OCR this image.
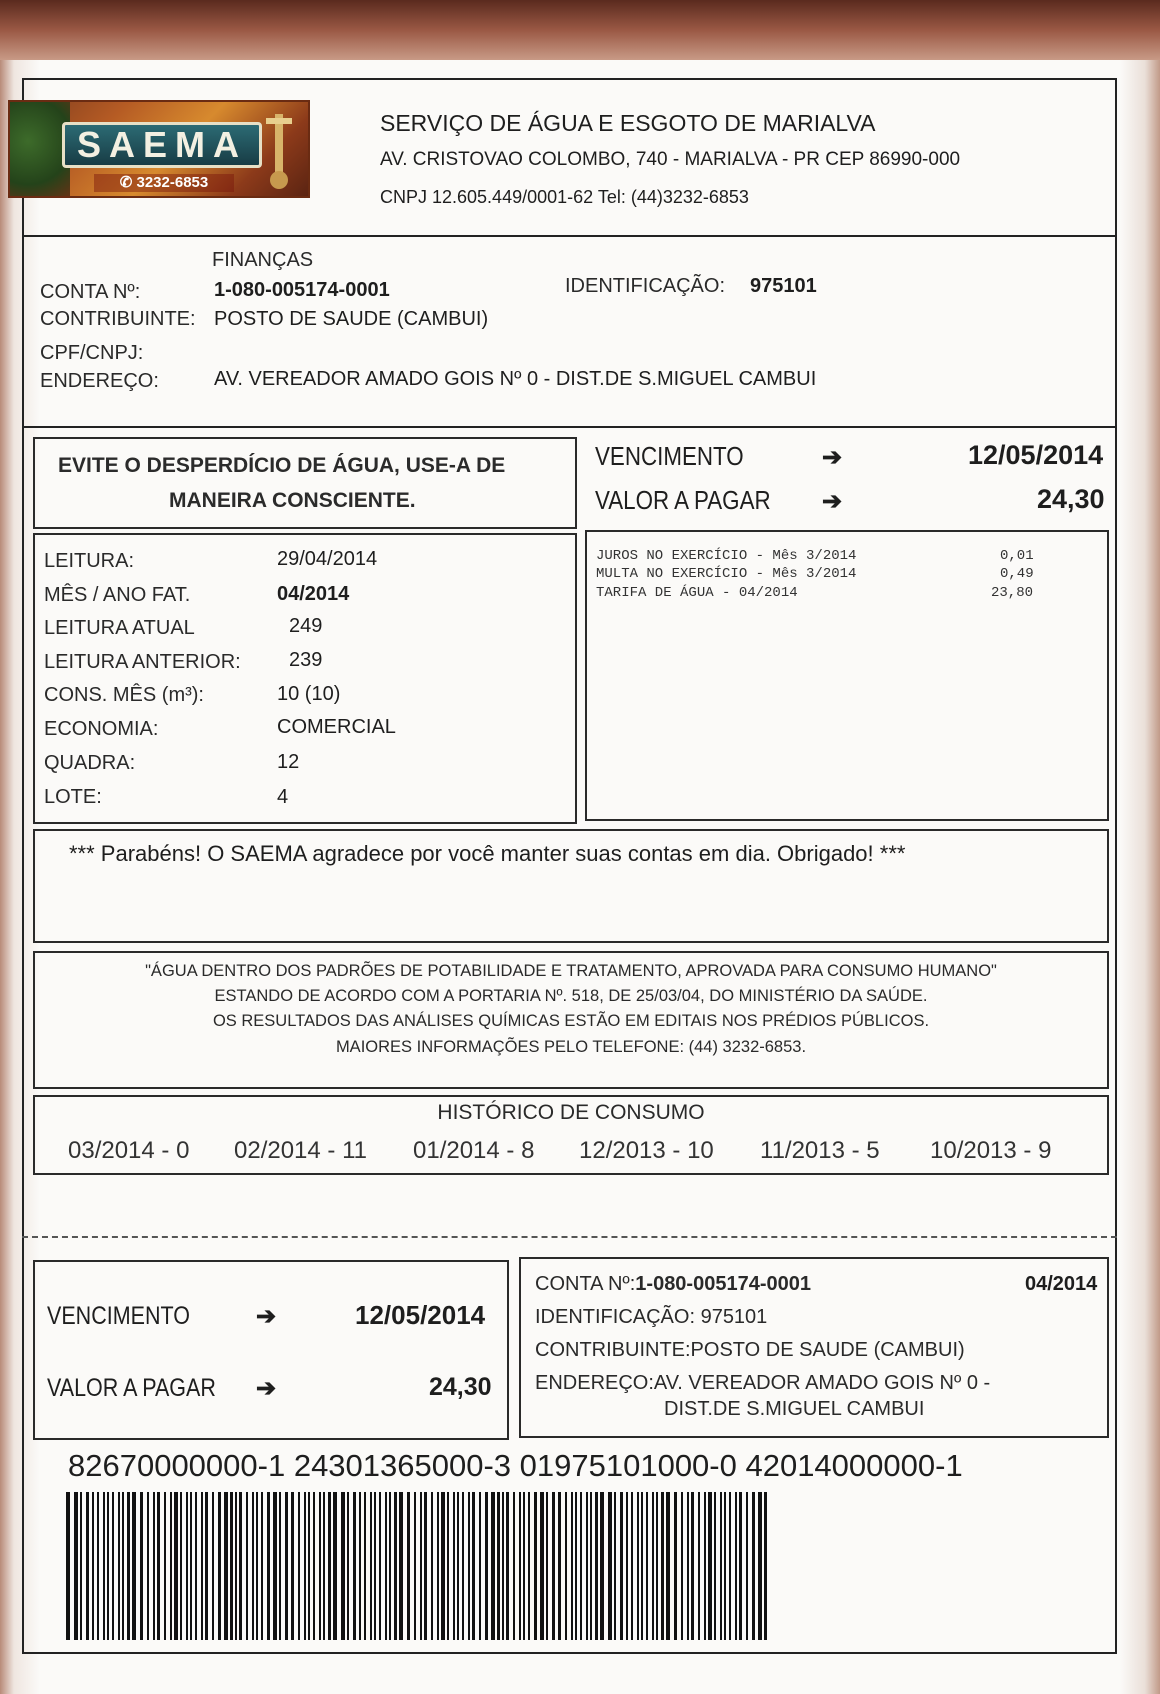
SAEMA
✆ 3232-6853
SERVIÇO DE ÁGUA E ESGOTO DE MARIALVA
AV. CRISTOVAO COLOMBO, 740 - MARIALVA - PR CEP 86990-000
CNPJ 12.605.449/0001-62 Tel: (44)3232-6853
FINANÇAS
CONTA Nº:	1-080-005174-0001	IDENTIFICAÇÃO: 975101
CONTRIBUINTE: POSTO DE SAUDE (CAMBUI)
CPF/CNPJ:
ENDEREÇO:	AV. VEREADOR AMADO GOIS Nº 0 - DIST.DE S.MIGUEL CAMBUI
EVITE O DESPERDÍCIO DE ÁGUA, USE-A DE
MANEIRA CONSCIENTE.
VENCIMENTO	➔	12/05/2014
VALOR A PAGAR ➔	24,30
LEITURA:	29/04/2014
MÊS / ANO FAT.	04/2014
LEITURA ATUAL	249
LEITURA ANTERIOR: 239
CONS. MÊS (m³):	10 (10)
ECONOMIA:	COMERCIAL
QUADRA:	12
LOTE:	4
JUROS NO EXERCÍCIO - Mês 3/2014	0,01
MULTA NO EXERCÍCIO - Mês 3/2014	0,49
TARIFA DE ÁGUA - 04/2014	23,80
*** Parabéns! O SAEMA agradece por você manter suas contas em dia. Obrigado! ***
"ÁGUA DENTRO DOS PADRÕES DE POTABILIDADE E TRATAMENTO, APROVADA PARA CONSUMO HUMANO"
ESTANDO DE ACORDO COM A PORTARIA Nº. 518, DE 25/03/04, DO MINISTÉRIO DA SAÚDE.
OS RESULTADOS DAS ANÁLISES QUÍMICAS ESTÃO EM EDITAIS NOS PRÉDIOS PÚBLICOS.
MAIORES INFORMAÇÕES PELO TELEFONE: (44) 3232-6853.
HISTÓRICO DE CONSUMO
03/2014 - 0 02/2014 - 11 01/2014 - 8 12/2013 - 10 11/2013 - 5 10/2013 - 9
VENCIMENTO	➔	12/05/2014
VALOR A PAGAR ➔	24,30
CONTA Nº:1-080-005174-0001	04/2014
IDENTIFICAÇÃO: 975101
CONTRIBUINTE:POSTO DE SAUDE (CAMBUI)
ENDEREÇO:AV. VEREADOR AMADO GOIS Nº 0 -
DIST.DE S.MIGUEL CAMBUI
82670000000-1 24301365000-3 01975101000-0 42014000000-1
